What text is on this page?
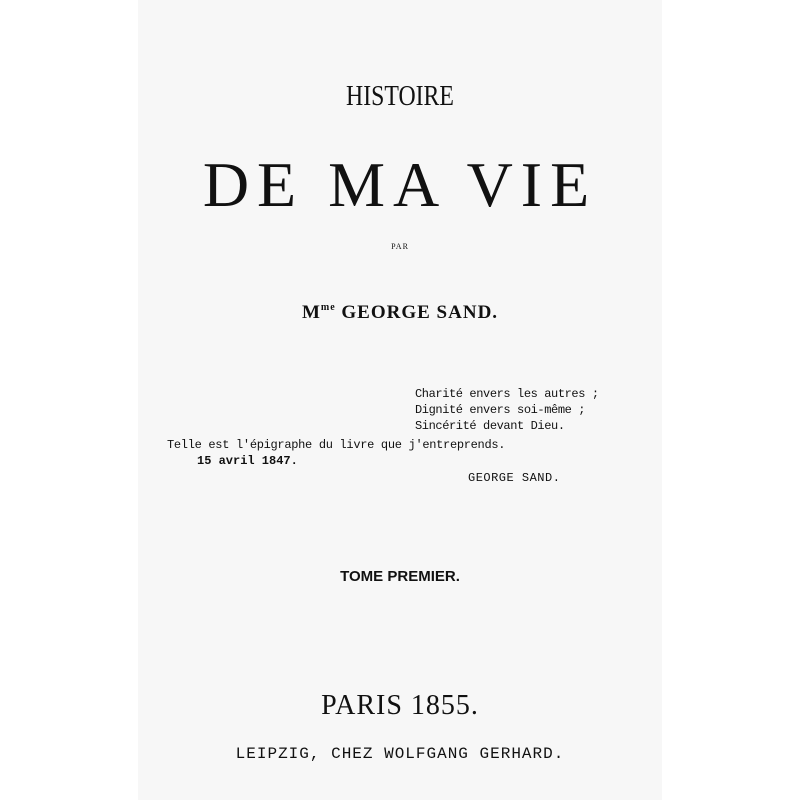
HISTOIRE
DE MA VIE
PAR
$M^{me}$ GEORGE SAND.
Charité envers les autres ;
Dignité envers soi-même ;
Sincérité devant Dieu.
Telle est l'épigraphe du livre que j'entreprends.
15 avril 1847.
GEORGE SAND.
TOME PREMIER.
PARIS 1855.
LEIPZIG, CHEZ WOLFGANG GERHARD.
